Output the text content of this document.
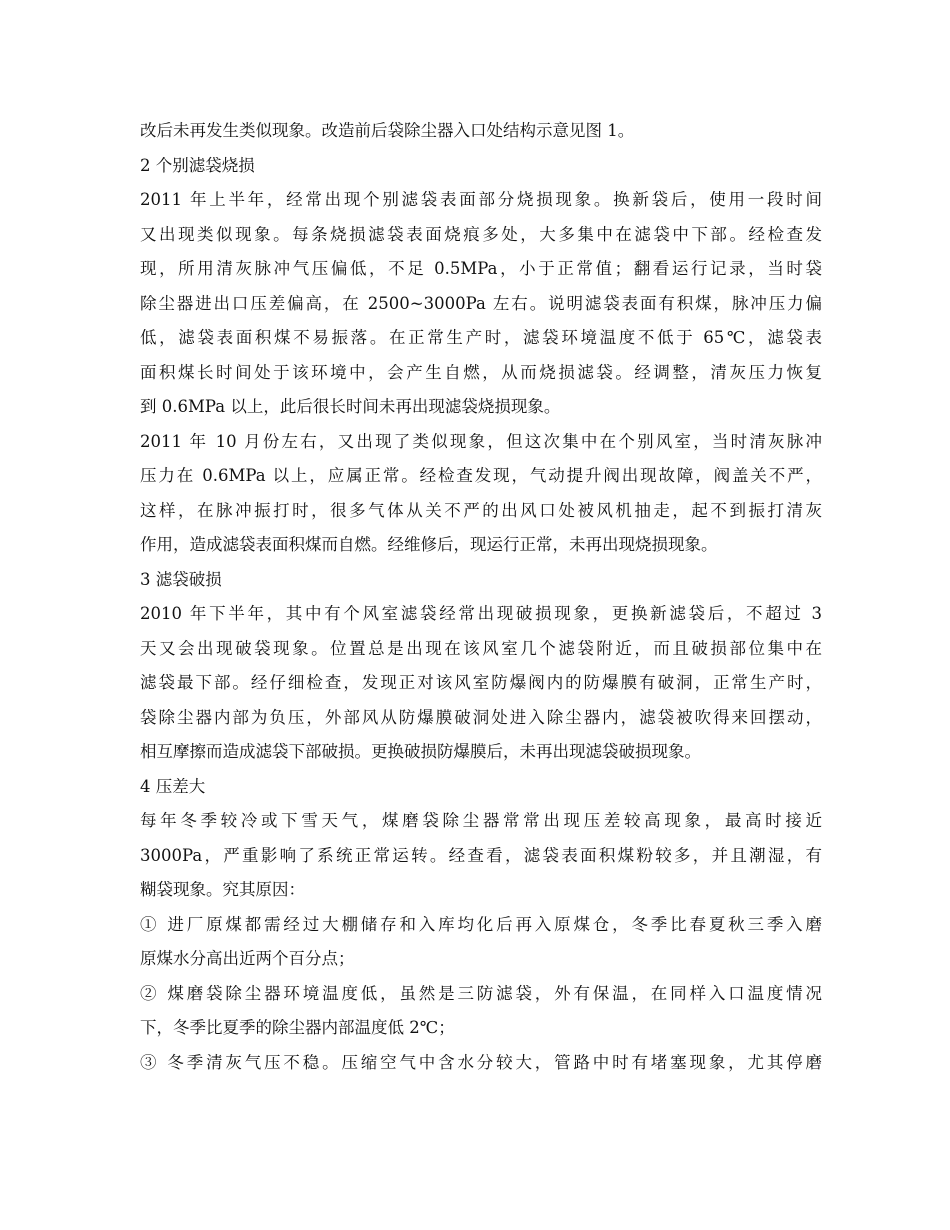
改后未再发生类似现象。改造前后袋除尘器入口处结构示意见图 1。
2 个别滤袋烧损
2011 年上半年，经常出现个别滤袋表面部分烧损现象。换新袋后，使用一段时间
又出现类似现象。每条烧损滤袋表面烧痕多处，大多集中在滤袋中下部。经检查发
现，所用清灰脉冲气压偏低，不足 0.5MPa，小于正常值；翻看运行记录，当时袋
除尘器进出口压差偏高，在 2500~3000Pa 左右。说明滤袋表面有积煤，脉冲压力偏
低，滤袋表面积煤不易振落。在正常生产时，滤袋环境温度不低于 65℃，滤袋表
面积煤长时间处于该环境中，会产生自燃，从而烧损滤袋。经调整，清灰压力恢复
到 0.6MPa 以上，此后很长时间未再出现滤袋烧损现象。
2011 年 10 月份左右，又出现了类似现象，但这次集中在个别风室，当时清灰脉冲
压力在 0.6MPa 以上，应属正常。经检查发现，气动提升阀出现故障，阀盖关不严，
这样，在脉冲振打时，很多气体从关不严的出风口处被风机抽走，起不到振打清灰
作用，造成滤袋表面积煤而自燃。经维修后，现运行正常，未再出现烧损现象。
3 滤袋破损
2010 年下半年，其中有个风室滤袋经常出现破损现象，更换新滤袋后，不超过 3
天又会出现破袋现象。位置总是出现在该风室几个滤袋附近，而且破损部位集中在
滤袋最下部。经仔细检查，发现正对该风室防爆阀内的防爆膜有破洞，正常生产时，
袋除尘器内部为负压，外部风从防爆膜破洞处进入除尘器内，滤袋被吹得来回摆动，
相互摩擦而造成滤袋下部破损。更换破损防爆膜后，未再出现滤袋破损现象。
4 压差大
每年冬季较冷或下雪天气，煤磨袋除尘器常常出现压差较高现象，最高时接近
3000Pa，严重影响了系统正常运转。经查看，滤袋表面积煤粉较多，并且潮湿，有
糊袋现象。究其原因：
① 进厂原煤都需经过大棚储存和入库均化后再入原煤仓，冬季比春夏秋三季入磨
原煤水分高出近两个百分点；
② 煤磨袋除尘器环境温度低，虽然是三防滤袋，外有保温，在同样入口温度情况
下，冬季比夏季的除尘器内部温度低 2℃；
③ 冬季清灰气压不稳。压缩空气中含水分较大，管路中时有堵塞现象，尤其停磨
